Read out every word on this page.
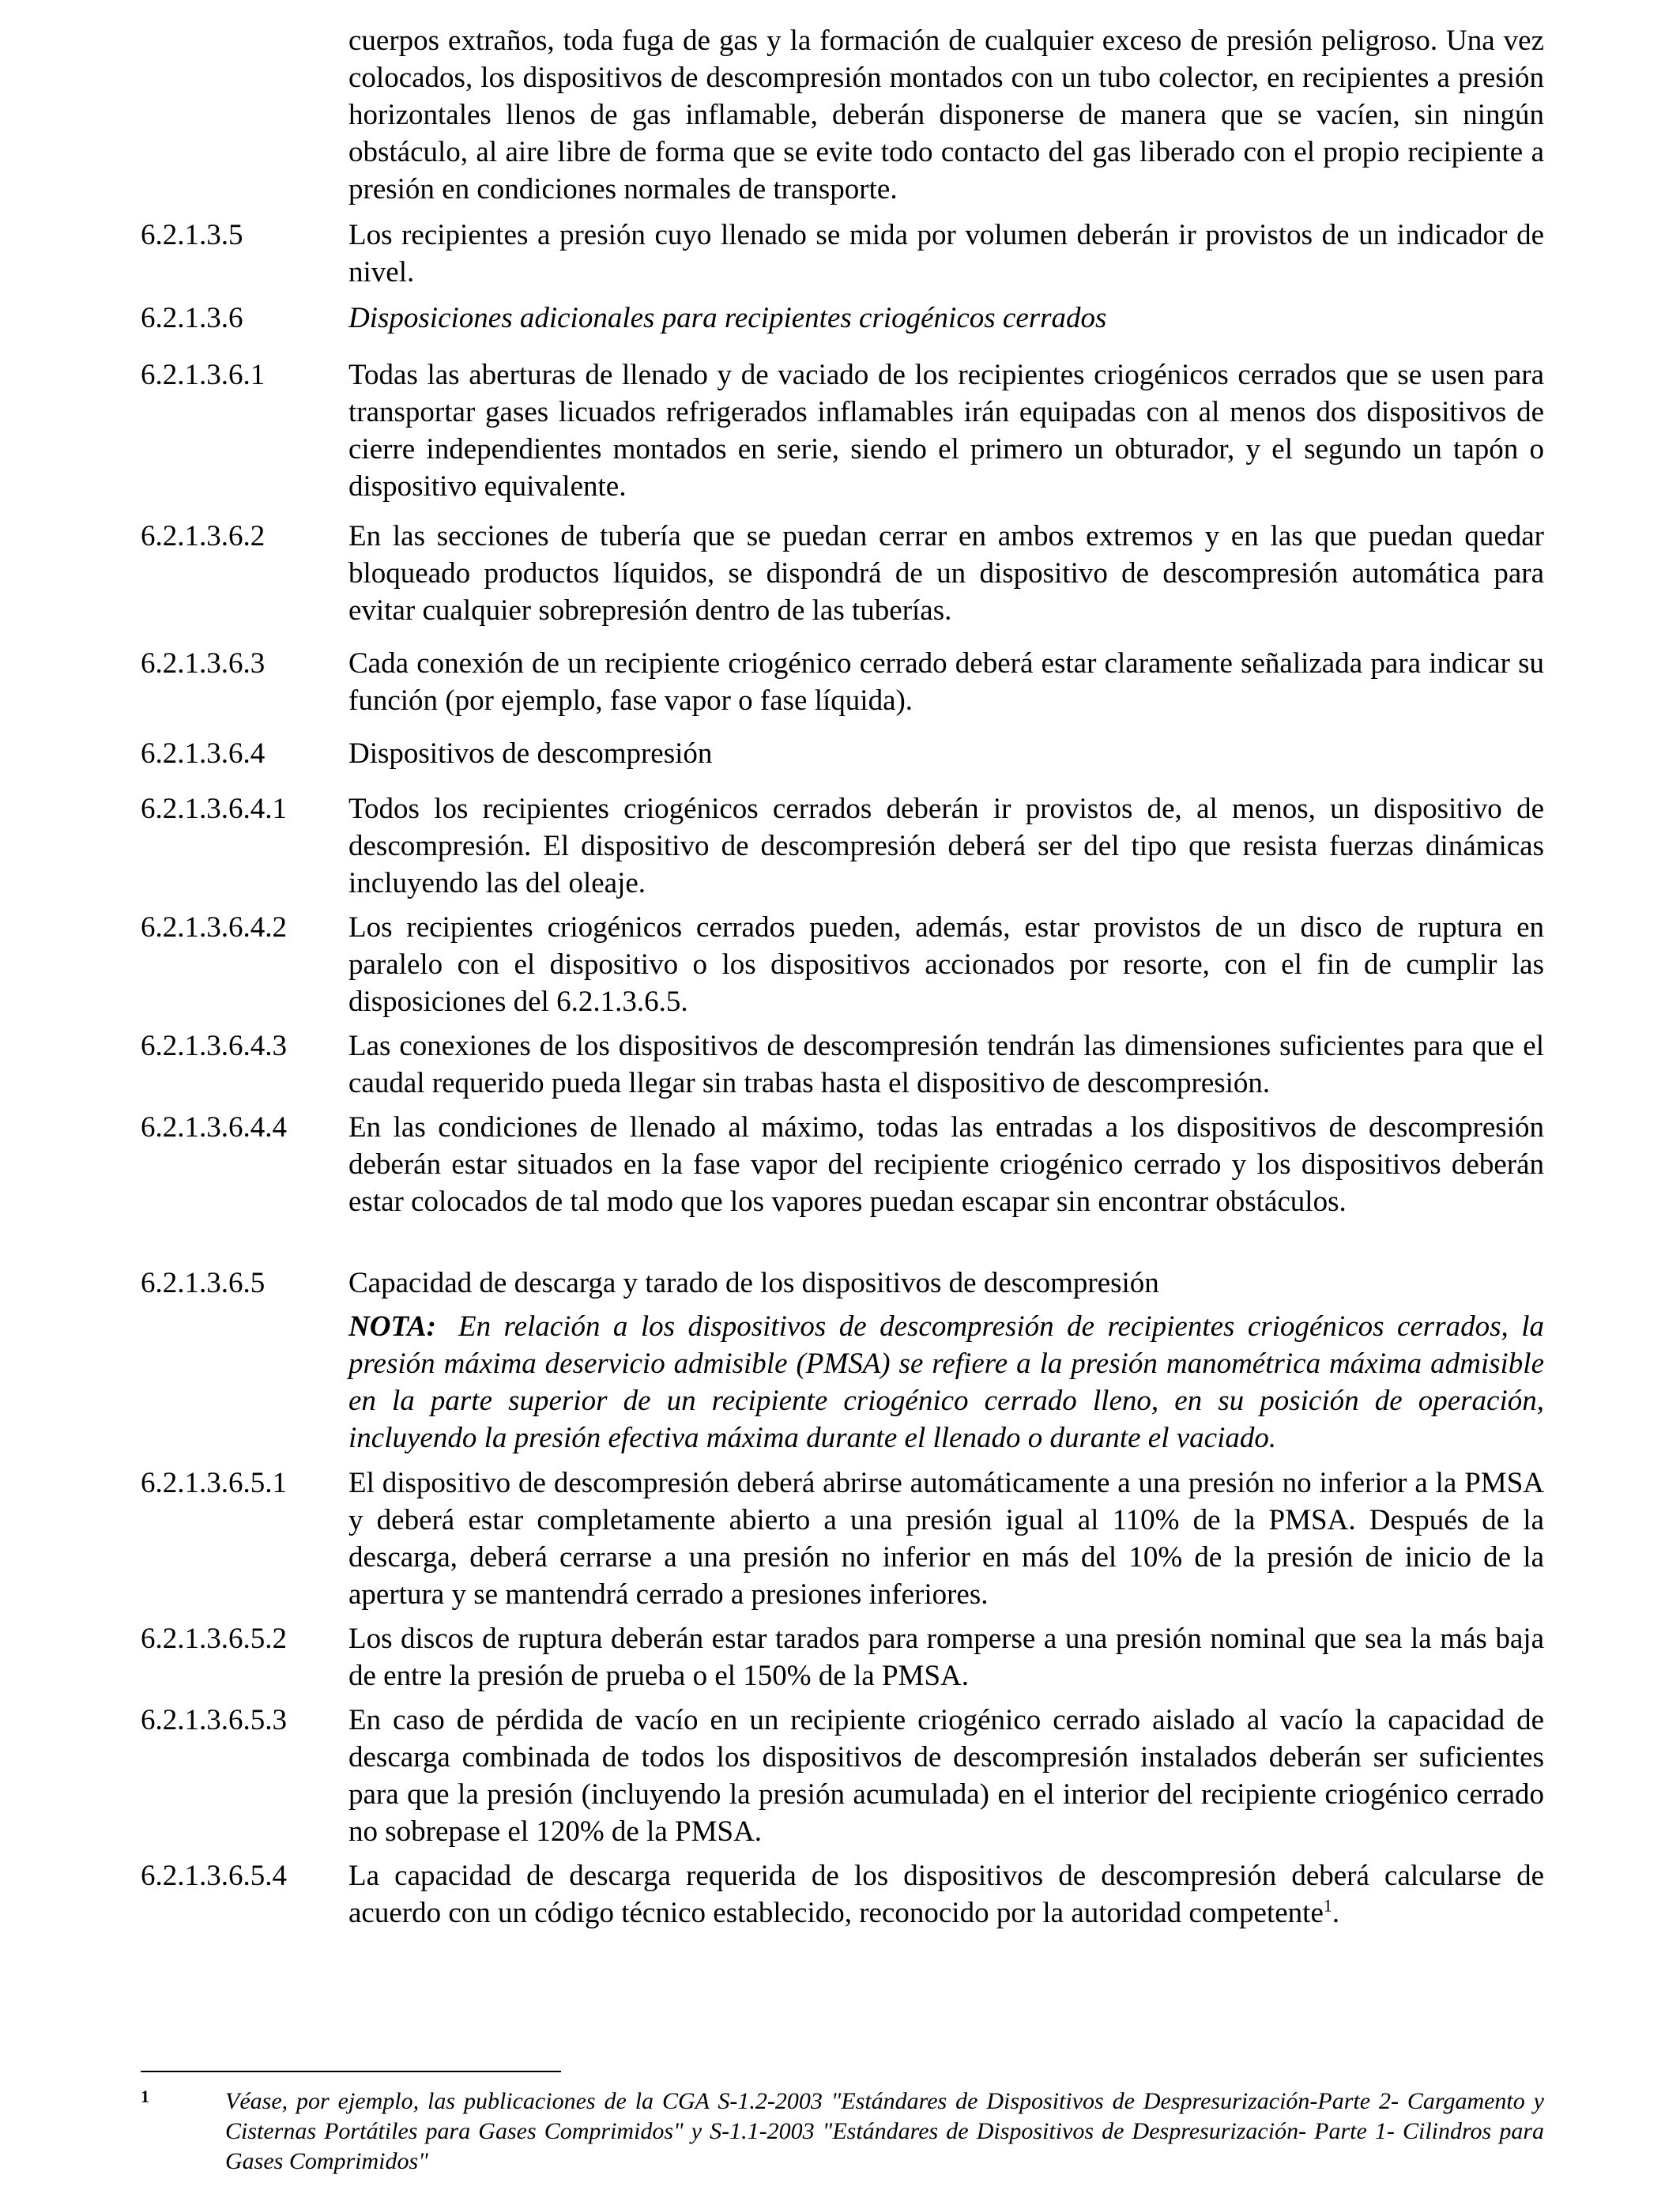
cuerpos extraños, toda fuga de gas y la formación de cualquier exceso de presión peligroso. Una vez colocados, los dispositivos de descompresión montados con un tubo colector, en recipientes a presión horizontales llenos de gas inflamable, deberán disponerse de manera que se vacíen, sin ningún obstáculo, al aire libre de forma que se evite todo contacto del gas liberado con el propio recipiente a presión en condiciones normales de transporte.
6.2.1.3.5	Los recipientes a presión cuyo llenado se mida por volumen deberán ir provistos de un indicador de nivel.
6.2.1.3.6	Disposiciones adicionales para recipientes criogénicos cerrados
6.2.1.3.6.1	Todas las aberturas de llenado y de vaciado de los recipientes criogénicos cerrados que se usen para transportar gases licuados refrigerados inflamables irán equipadas con al menos dos dispositivos de cierre independientes montados en serie, siendo el primero un obturador, y el segundo un tapón o dispositivo equivalente.
6.2.1.3.6.2	En las secciones de tubería que se puedan cerrar en ambos extremos y en las que puedan quedar bloqueado productos líquidos, se dispondrá de un dispositivo de descompresión automática para evitar cualquier sobrepresión dentro de las tuberías.
6.2.1.3.6.3	Cada conexión de un recipiente criogénico cerrado deberá estar claramente señalizada para indicar su función (por ejemplo, fase vapor o fase líquida).
6.2.1.3.6.4	Dispositivos de descompresión
6.2.1.3.6.4.1	Todos los recipientes criogénicos cerrados deberán ir provistos de, al menos, un dispositivo de descompresión. El dispositivo de descompresión deberá ser del tipo que resista fuerzas dinámicas incluyendo las del oleaje.
6.2.1.3.6.4.2	Los recipientes criogénicos cerrados pueden, además, estar provistos de un disco de ruptura en paralelo con el dispositivo o los dispositivos accionados por resorte, con el fin de cumplir las disposiciones del 6.2.1.3.6.5.
6.2.1.3.6.4.3	Las conexiones de los dispositivos de descompresión tendrán las dimensiones suficientes para que el caudal requerido pueda llegar sin trabas hasta el dispositivo de descompresión.
6.2.1.3.6.4.4	En las condiciones de llenado al máximo, todas las entradas a los dispositivos de descompresión deberán estar situados en la fase vapor del recipiente criogénico cerrado y los dispositivos deberán estar colocados de tal modo que los vapores puedan escapar sin encontrar obstáculos.
6.2.1.3.6.5	Capacidad de descarga y tarado de los dispositivos de descompresión
NOTA: En relación a los dispositivos de descompresión de recipientes criogénicos cerrados, la presión máxima deservicio admisible (PMSA) se refiere a la presión manométrica máxima admisible en la parte superior de un recipiente criogénico cerrado lleno, en su posición de operación, incluyendo la presión efectiva máxima durante el llenado o durante el vaciado.
6.2.1.3.6.5.1	El dispositivo de descompresión deberá abrirse automáticamente a una presión no inferior a la PMSA y deberá estar completamente abierto a una presión igual al 110% de la PMSA. Después de la descarga, deberá cerrarse a una presión no inferior en más del 10% de la presión de inicio de la apertura y se mantendrá cerrado a presiones inferiores.
6.2.1.3.6.5.2	Los discos de ruptura deberán estar tarados para romperse a una presión nominal que sea la más baja de entre la presión de prueba o el 150% de la PMSA.
6.2.1.3.6.5.3	En caso de pérdida de vacío en un recipiente criogénico cerrado aislado al vacío la capacidad de descarga combinada de todos los dispositivos de descompresión instalados deberán ser suficientes para que la presión (incluyendo la presión acumulada) en el interior del recipiente criogénico cerrado no sobrepase el 120% de la PMSA.
6.2.1.3.6.5.4	La capacidad de descarga requerida de los dispositivos de descompresión deberá calcularse de acuerdo con un código técnico establecido, reconocido por la autoridad competente$^1$.
1	Véase, por ejemplo, las publicaciones de la CGA S-1.2-2003 "Estándares de Dispositivos de Despresurización-Parte 2- Cargamento y Cisternas Portátiles para Gases Comprimidos" y S-1.1-2003 "Estándares de Dispositivos de Despresurización- Parte 1- Cilindros para Gases Comprimidos"
